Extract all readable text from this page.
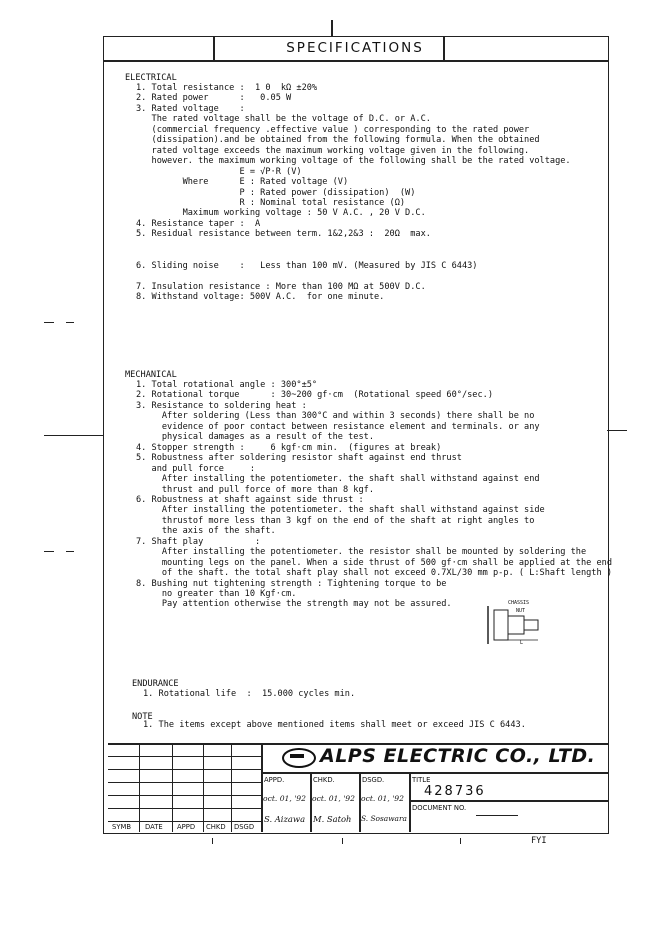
SPECIFICATIONS
ELECTRICAL
1. Total resistance :  1 0  kΩ ±20%
2. Rated power      :   0.05 W
3. Rated voltage    :
The rated voltage shall be the voltage of D.C. or A.C.
(commercial frequency .effective value ) corresponding to the rated power
(dissipation).and be obtained from the following formula. When the obtained
rated voltage exceeds the maximum working voltage given in the following.
however. the maximum working voltage of the following shall be the rated voltage.
E = √P·R (V)
Where      E : Rated voltage (V)
P : Rated power (dissipation)  (W)
R : Nominal total resistance (Ω)
Maximum working voltage : 50 V A.C. , 20 V D.C.
4. Resistance taper :  A
5. Residual resistance between term. 1&2,2&3 :  20Ω  max.
6. Sliding noise    :   Less than 100 mV. (Measured by JIS C 6443)
7. Insulation resistance : More than 100 MΩ at 500V D.C.
8. Withstand voltage: 500V A.C.  for one minute.
MECHANICAL
1. Total rotational angle : 300°±5°
2. Rotational torque      : 30~200 gf·cm  (Rotational speed 60°/sec.)
3. Resistance to soldering heat :
After soldering (Less than 300°C and within 3 seconds) there shall be no
evidence of poor contact between resistance element and terminals. or any
physical damages as a result of the test.
4. Stopper strength :     6 kgf·cm min.  (figures at break)
5. Robustness after soldering resistor shaft against end thrust
and pull force     :
After installing the potentiometer. the shaft shall withstand against end
thrust and pull force of more than 8 kgf.
6. Robustness at shaft against side thrust :
After installing the potentiometer. the shaft shall withstand against side
thrustof more less than 3 kgf on the end of the shaft at right angles to
the axis of the shaft.
7. Shaft play          :
After installing the potentiometer. the resistor shall be mounted by soldering the
mounting legs on the panel. When a side thrust of 500 gf·cm shall be applied at the end
of the shaft. the total shaft play shall not exceed 0.7XL/30 mm p-p. ( L:Shaft length )
8. Bushing nut tightening strength : Tightening torque to be
no greater than 10 Kgf·cm.
Pay attention otherwise the strength may not be assured.	CHASSIS
NUT
L
ENDURANCE
1. Rotational life  :  15.000 cycles min.
NOTE
1. The items except above mentioned items shall meet or exceed JIS C 6443.
SYMB DATE APPD CHKD DSGD
ALPS ELECTRIC CO., LTD.
APPD.	CHKD.	DSGD.	TITLE
oct. 01, '92 oct. 01, '92 oct. 01, '92
S. Aizawa M. Satoh S. Sosawara
428736
DOCUMENT NO.
FYI
